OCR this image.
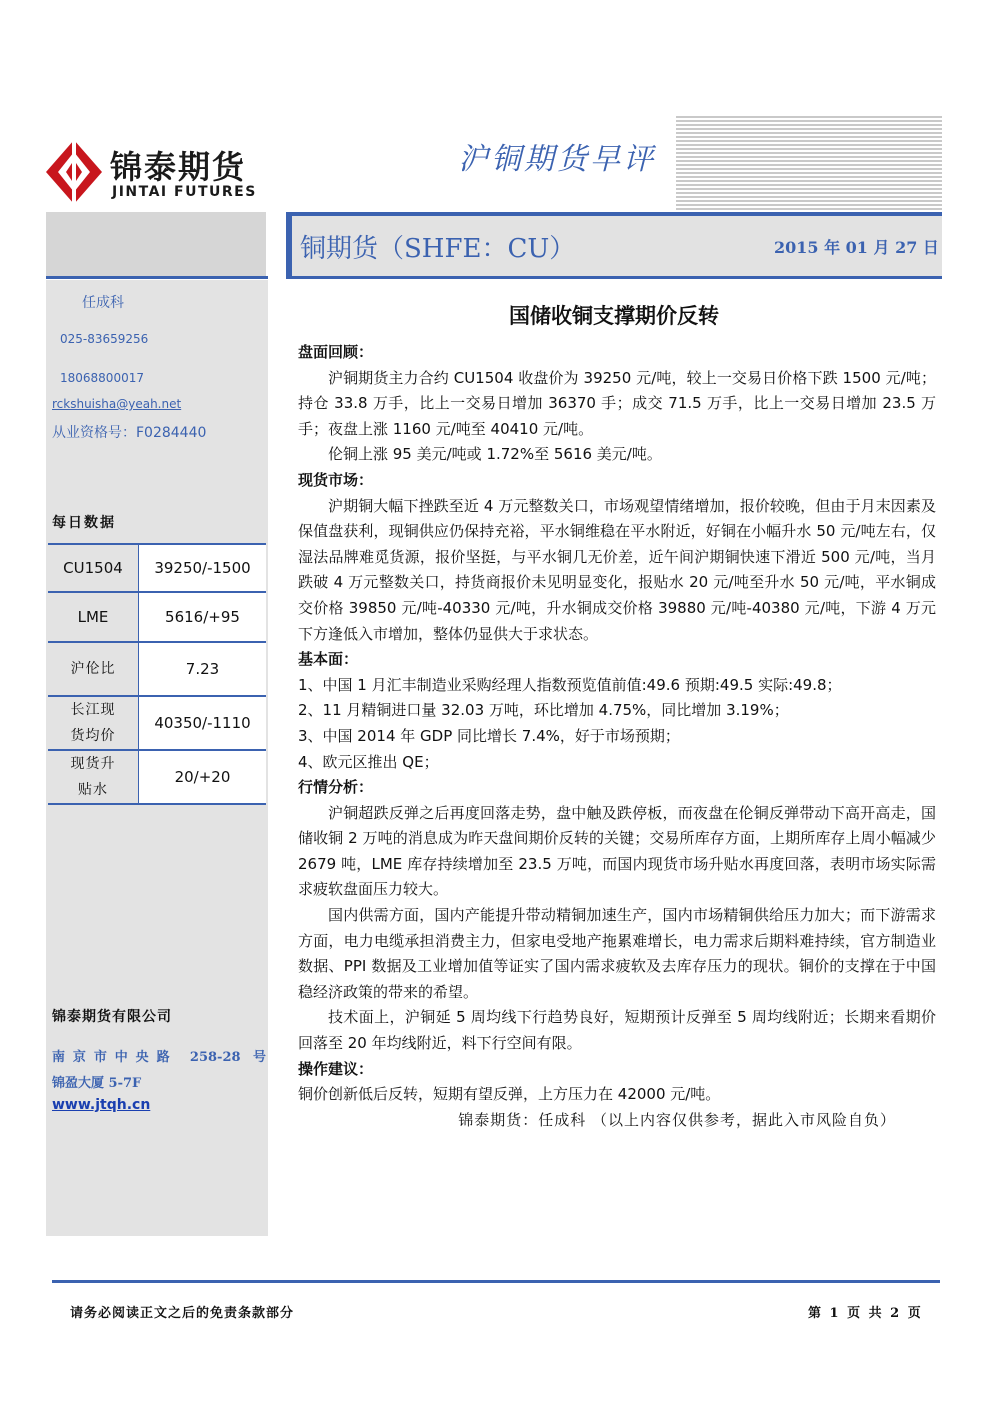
锦泰期货
JINTAI FUTURES
沪铜期货早评
铜期货（SHFE：CU）	2015 年 01 月 27 日
任成科
025-83659256
18068800017
rckshuisha@yeah.net
从业资格号：F0284440
每日数据
CU1504	39250/-1500
LME	5616/+95
沪伦比	7.23
长江现
货均价	40350/-1110
现货升
贴水	20/+20
锦泰期货有限公司
南京市中央路 258-28 号
锦盈大厦 5-7F
www.jtqh.cn
国储收铜支撑期价反转
盘面回顾：
沪铜期货主力合约 CU1504 收盘价为 39250 元/吨，较上一交易日价格下跌 1500 元/吨；持仓 33.8 万手，比上一交易日增加 36370 手；成交 71.5 万手，比上一交易日增加 23.5 万手；夜盘上涨 1160 元/吨至 40410 元/吨。
伦铜上涨 95 美元/吨或 1.72%至 5616 美元/吨。
现货市场：
沪期铜大幅下挫跌至近 4 万元整数关口，市场观望情绪增加，报价较晚，但由于月末因素及保值盘获利，现铜供应仍保持充裕，平水铜维稳在平水附近，好铜在小幅升水 50 元/吨左右，仅湿法品牌难觅货源，报价坚挺，与平水铜几无价差，近午间沪期铜快速下滑近 500 元/吨，当月跌破 4 万元整数关口，持货商报价未见明显变化，报贴水 20 元/吨至升水 50 元/吨，平水铜成交价格 39850 元/吨-40330 元/吨，升水铜成交价格 39880 元/吨-40380 元/吨，下游 4 万元下方逢低入市增加，整体仍显供大于求状态。
基本面：
1、中国 1 月汇丰制造业采购经理人指数预览值前值:49.6 预期:49.5 实际:49.8；
2、11 月精铜进口量 32.03 万吨，环比增加 4.75%，同比增加 3.19%；
3、中国 2014 年 GDP 同比增长 7.4%，好于市场预期；
4、欧元区推出 QE；
行情分析：
沪铜超跌反弹之后再度回落走势，盘中触及跌停板，而夜盘在伦铜反弹带动下高开高走，国储收铜 2 万吨的消息成为昨天盘间期价反转的关键；交易所库存方面，上期所库存上周小幅减少 2679 吨，LME 库存持续增加至 23.5 万吨，而国内现货市场升贴水再度回落，表明市场实际需求疲软盘面压力较大。
国内供需方面，国内产能提升带动精铜加速生产，国内市场精铜供给压力加大；而下游需求方面，电力电缆承担消费主力，但家电受地产拖累难增长，电力需求后期料难持续，官方制造业数据、PPI 数据及工业增加值等证实了国内需求疲软及去库存压力的现状。铜价的支撑在于中国稳经济政策的带来的希望。
技术面上，沪铜延 5 周均线下行趋势良好，短期预计反弹至 5 周均线附近；长期来看期价回落至 20 年均线附近，料下行空间有限。
操作建议：
铜价创新低后反转，短期有望反弹，上方压力在 42000 元/吨。
锦泰期货：任成科 （以上内容仅供参考，据此入市风险自负）
请务必阅读正文之后的免责条款部分	第 1 页 共 2 页
